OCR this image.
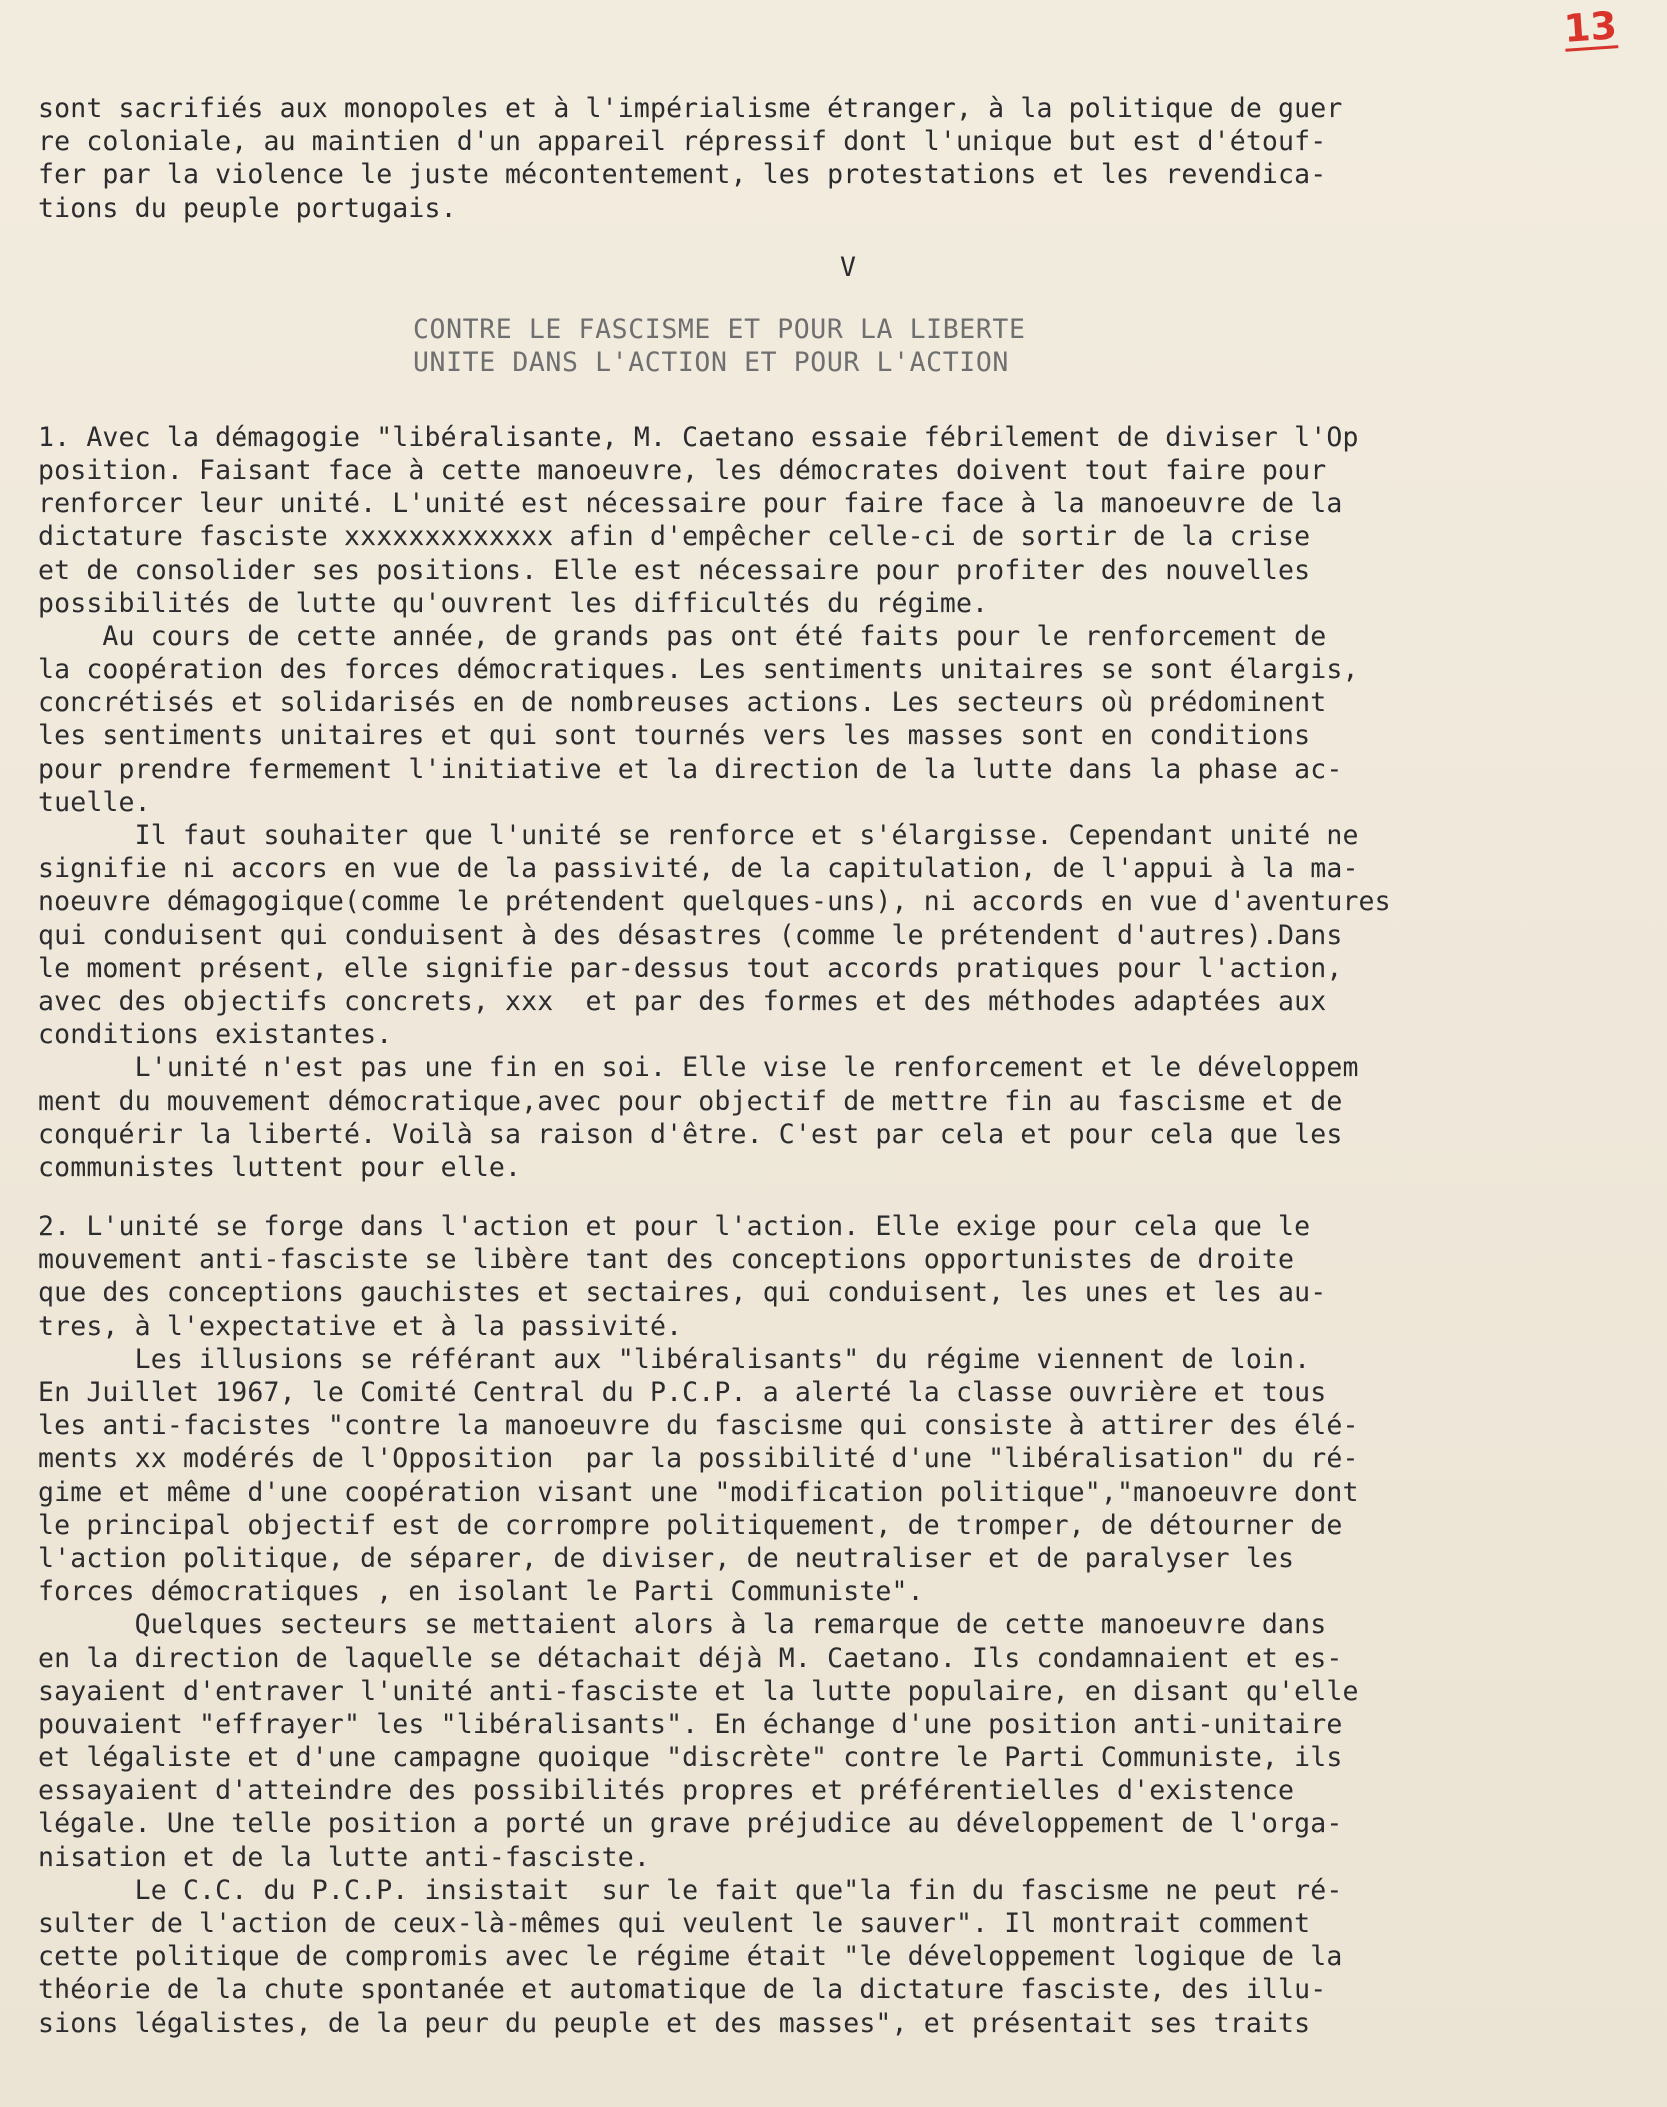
13
sont sacrifiés aux monopoles et à l'impérialisme étranger, à la politique de guer
re coloniale, au maintien d'un appareil répressif dont l'unique but est d'étouf-
fer par la violence le juste mécontentement, les protestations et les revendica-
tions du peuple portugais.
V
CONTRE LE FASCISME ET POUR LA LIBERTE
UNITE DANS L'ACTION ET POUR L'ACTION
1. Avec la démagogie "libéralisante, M. Caetano essaie fébrilement de diviser l'Op
position. Faisant face à cette manoeuvre, les démocrates doivent tout faire pour
renforcer leur unité. L'unité est nécessaire pour faire face à la manoeuvre de la
dictature fasciste xxxxxxxxxxxxx afin d'empêcher celle-ci de sortir de la crise
et de consolider ses positions. Elle est nécessaire pour profiter des nouvelles
possibilités de lutte qu'ouvrent les difficultés du régime.
Au cours de cette année, de grands pas ont été faits pour le renforcement de
la coopération des forces démocratiques. Les sentiments unitaires se sont élargis,
concrétisés et solidarisés en de nombreuses actions. Les secteurs où prédominent
les sentiments unitaires et qui sont tournés vers les masses sont en conditions
pour prendre fermement l'initiative et la direction de la lutte dans la phase ac-
tuelle.
Il faut souhaiter que l'unité se renforce et s'élargisse. Cependant unité ne
signifie ni accors en vue de la passivité, de la capitulation, de l'appui à la ma-
noeuvre démagogique(comme le prétendent quelques-uns), ni accords en vue d'aventures
qui conduisent qui conduisent à des désastres (comme le prétendent d'autres).Dans
le moment présent, elle signifie par-dessus tout accords pratiques pour l'action,
avec des objectifs concrets, xxx  et par des formes et des méthodes adaptées aux
conditions existantes.
L'unité n'est pas une fin en soi. Elle vise le renforcement et le développem
ment du mouvement démocratique,avec pour objectif de mettre fin au fascisme et de
conquérir la liberté. Voilà sa raison d'être. C'est par cela et pour cela que les
communistes luttent pour elle.
2. L'unité se forge dans l'action et pour l'action. Elle exige pour cela que le
mouvement anti-fasciste se libère tant des conceptions opportunistes de droite
que des conceptions gauchistes et sectaires, qui conduisent, les unes et les au-
tres, à l'expectative et à la passivité.
Les illusions se référant aux "libéralisants" du régime viennent de loin.
En Juillet 1967, le Comité Central du P.C.P. a alerté la classe ouvrière et tous
les anti-facistes "contre la manoeuvre du fascisme qui consiste à attirer des élé-
ments xx modérés de l'Opposition  par la possibilité d'une "libéralisation" du ré-
gime et même d'une coopération visant une "modification politique","manoeuvre dont
le principal objectif est de corrompre politiquement, de tromper, de détourner de
l'action politique, de séparer, de diviser, de neutraliser et de paralyser les
forces démocratiques , en isolant le Parti Communiste".
Quelques secteurs se mettaient alors à la remarque de cette manoeuvre dans
en la direction de laquelle se détachait déjà M. Caetano. Ils condamnaient et es-
sayaient d'entraver l'unité anti-fasciste et la lutte populaire, en disant qu'elle
pouvaient "effrayer" les "libéralisants". En échange d'une position anti-unitaire
et légaliste et d'une campagne quoique "discrète" contre le Parti Communiste, ils
essayaient d'atteindre des possibilités propres et préférentielles d'existence
légale. Une telle position a porté un grave préjudice au développement de l'orga-
nisation et de la lutte anti-fasciste.
Le C.C. du P.C.P. insistait  sur le fait que"la fin du fascisme ne peut ré-
sulter de l'action de ceux-là-mêmes qui veulent le sauver". Il montrait comment
cette politique de compromis avec le régime était "le développement logique de la
théorie de la chute spontanée et automatique de la dictature fasciste, des illu-
sions légalistes, de la peur du peuple et des masses", et présentait ses traits
